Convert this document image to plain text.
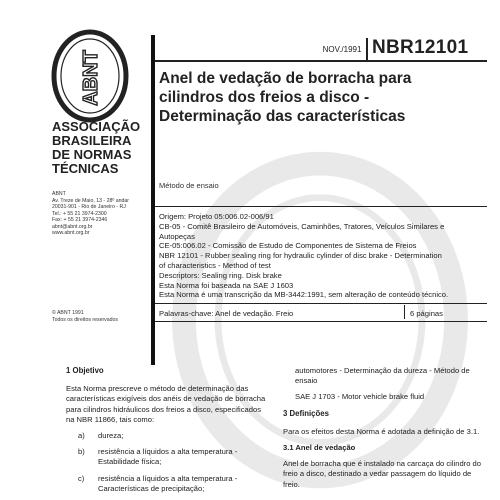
ABNT
ASSOCIAÇÃO
BRASILEIRA
DE NORMAS
TÉCNICAS
ABNT
Av. Treze de Maio, 13 - 28º andar
20031-901 - Rio de Janeiro - RJ
Tel.: + 55 21 3974-2300
Fax: + 55 21 3974-2346
abnt@abnt.org.br
www.abnt.org.br
© ABNT 1991
Todos os direitos reservados
NOV./1991 NBR12101
Anel de vedação de borracha para
cilindros dos freios a disco -
Determinação das características
Método de ensaio
Origem: Projeto 05:006.02-006/91
CB-05 - Comitê Brasileiro de Automóveis, Caminhões, Tratores, Veículos Similares e
Autopeças
CE-05:006.02 - Comissão de Estudo de Componentes de Sistema de Freios
NBR 12101 - Rubber sealing ring for hydraulic cylinder of disc brake - Determination
of characteristics - Method of test
Descriptors: Sealing ring. Disk brake
Esta Norma foi baseada na SAE J 1603
Esta Norma é uma transcrição da MB-3442:1991, sem alteração de conteúdo técnico.
Palavras-chave: Anel de vedação. Freio	6 páginas
1 Objetivo
Esta Norma prescreve o método de determinação das características exigíveis dos anéis de vedação de borracha para cilindros hidráulicos dos freios a disco, especificados na NBR 11866, tais como:
a)	dureza;
b)	resistência a líquidos a alta temperatura - Estabilidade física;
c)	resistência a líquidos a alta temperatura - Características de precipitação;
automotores - Determinação da dureza - Método de ensaio
SAE J 1703 - Motor vehicle brake fluid
3 Definições
Para os efeitos desta Norma é adotada a definição de 3.1.
3.1 Anel de vedação
Anel de borracha que é instalado na carcaça do cilindro do freio a disco, destinado a vedar passagem do líquido de freio.
